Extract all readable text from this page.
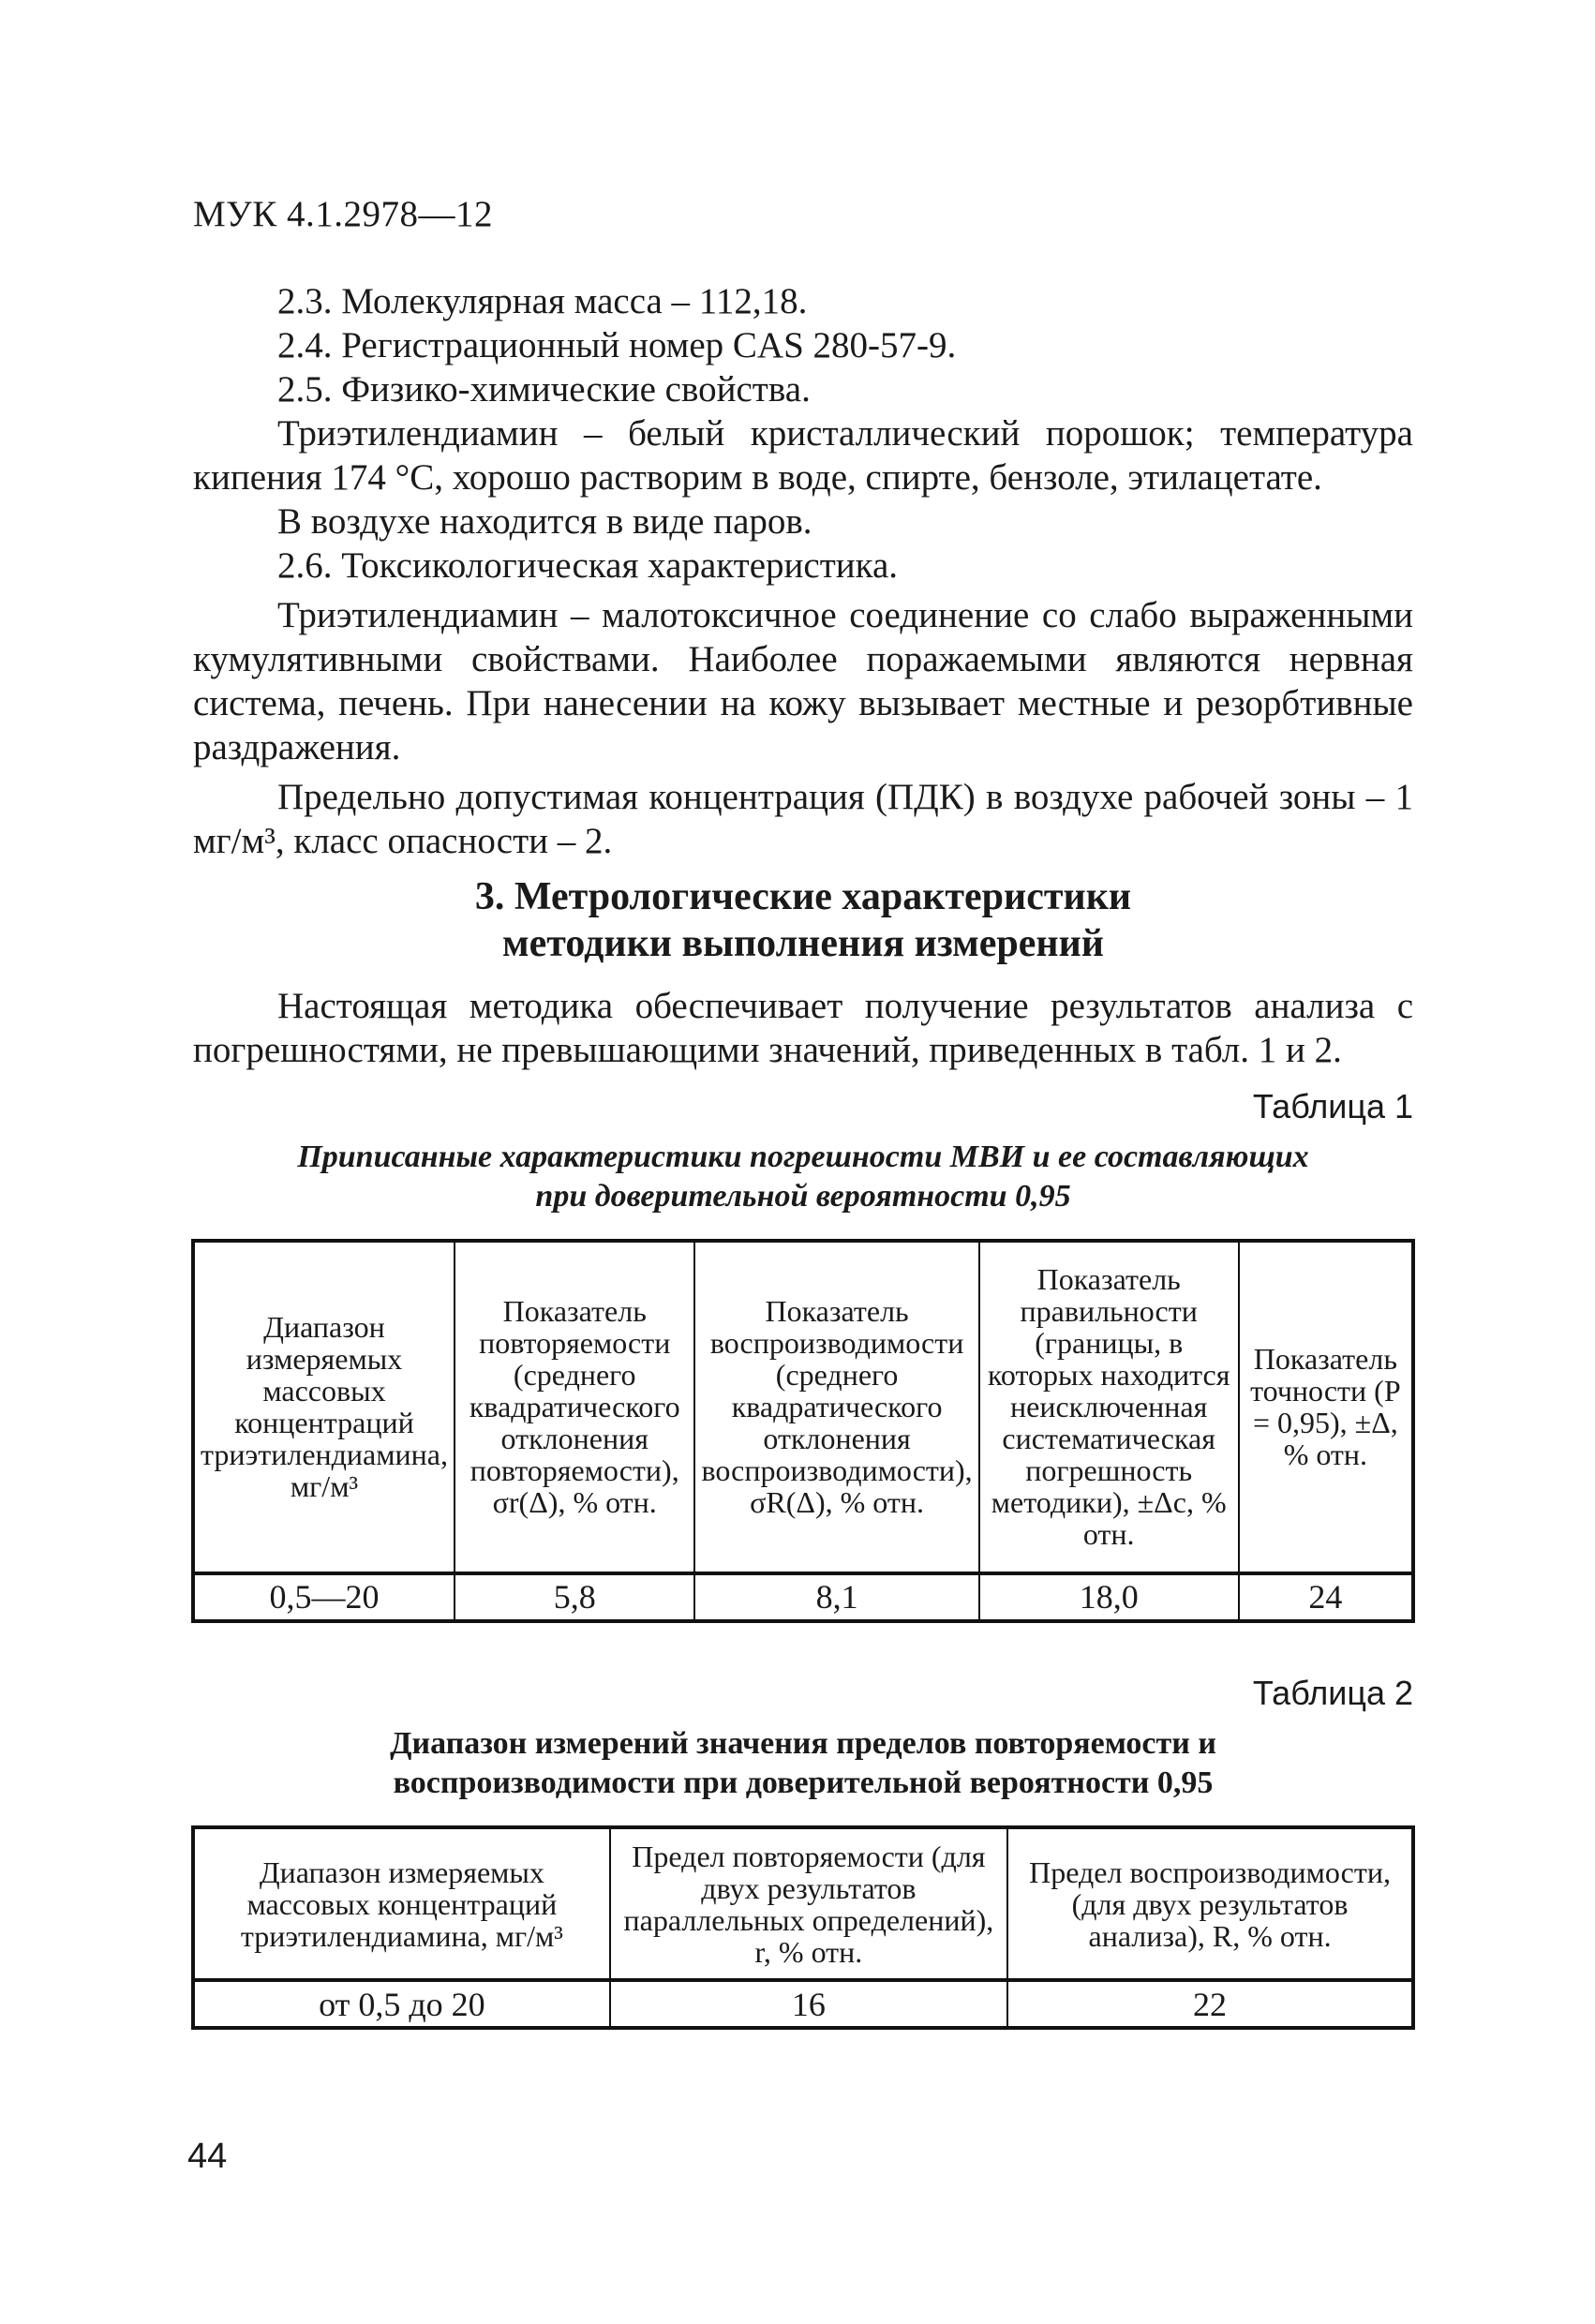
МУК 4.1.2978—12

2.3. Молекулярная масса – 112,18.

2.4. Регистрационный номер CAS 280-57-9.

2.5. Физико-химические свойства.

Триэтилендиамин – белый кристаллический порошок; температура кипения 174 °С, хорошо растворим в воде, спирте, бензоле, этилацетате.

В воздухе находится в виде паров.

2.6. Токсикологическая характеристика.

Триэтилендиамин – малотоксичное соединение со слабо выраженными кумулятивными свойствами. Наиболее поражаемыми являются нервная система, печень. При нанесении на кожу вызывает местные и резорбтивные раздражения.

Предельно допустимая концентрация (ПДК) в воздухе рабочей зоны – 1 мг/м³, класс опасности – 2.

3. Метрологические характеристики
методики выполнения измерений

Настоящая методика обеспечивает получение результатов анализа с погрешностями, не превышающими значений, приведенных в табл. 1 и 2.

Таблица 1
Приписанные характеристики погрешности МВИ и ее составляющих
при доверительной вероятности 0,95
Диапазон измеряемых массовых концентраций триэтилендиамина, мг/м³	Показатель повторяемости (среднего квадратического отклонения повторяемости), σr(Δ), % отн.	Показатель воспроизводимости (среднего квадратического отклонения воспроизводимости), σR(Δ), % отн.	Показатель правильности (границы, в которых находится неисключенная систематическая погрешность методики), ±Δc, % отн.	Показатель точности (P = 0,95), ±Δ, % отн.
0,5—20	5,8	8,1	18,0	24
Таблица 2
Диапазон измерений значения пределов повторяемости и
воспроизводимости при доверительной вероятности 0,95
Диапазон измеряемых массовых концентраций триэтилендиамина, мг/м³	Предел повторяемости (для двух результатов параллельных определений), r, % отн.	Предел воспроизводимости, (для двух результатов анализа), R, % отн.
от 0,5 до 20	16	22
44
